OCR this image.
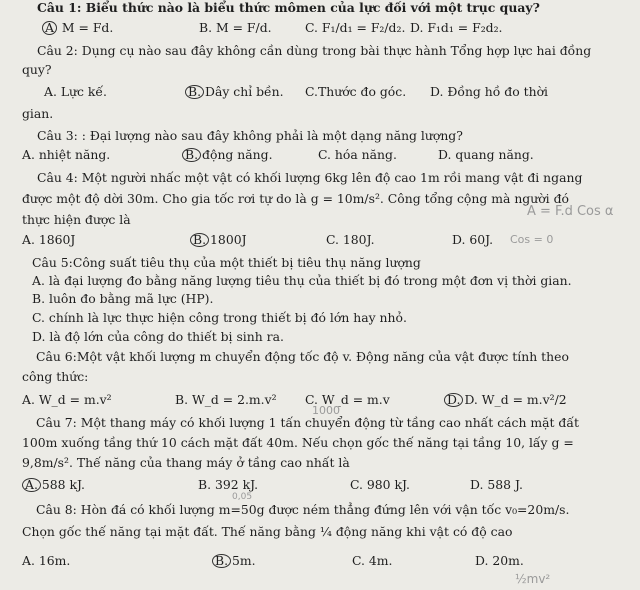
Câu 1: Biểu thức nào là biểu thức mômen của lực đối với một trục quay?
A M = Fd.	B. M = F/d.	C. F₁/d₁ = F₂/d₂. D. F₁d₁ = F₂d₂.
Câu 2: Dụng cụ nào sau đây không cần dùng trong bài thực hành Tổng hợp lực hai đồng
quy?
A. Lực kế.	B. Dây chỉ bền. C.Thước đo góc. D. Đồng hồ đo thời
gian.
Câu 3: : Đại lượng nào sau đây không phải là một dạng năng lượng?
A. nhiệt năng.	B. động năng.	C. hóa năng.	D. quang năng.
Câu 4: Một người nhấc một vật có khối lượng 6kg lên độ cao 1m rồi mang vật đi ngang
được một độ dời 30m. Cho gia tốc rơi tự do là g = 10m/s². Công tổng cộng mà người đó
thực hiện được là
A = F.d Cos α
A. 1860J	B. 1800J	C. 180J.	D. 60J. Cos = 0
Câu 5:Công suất tiêu thụ của một thiết bị tiêu thụ năng lượng
A. là đại lượng đo bằng năng lượng tiêu thụ của thiết bị đó trong một đơn vị thời gian.
B. luôn đo bằng mã lực (HP).
C. chính là lực thực hiện công trong thiết bị đó lớn hay nhỏ.
D. là độ lớn của công do thiết bị sinh ra.
Câu 6:Một vật khối lượng m chuyển động tốc độ v. Động năng của vật được tính theo
công thức:
A. W_d = m.v²	B. W_d = 2.m.v² C. W_d = m.v	D. D. W_d = m.v²/2
1000
Câu 7: Một thang máy có khối lượng 1 tấn chuyển động từ tầng cao nhất cách mặt đất
100m xuống tầng thứ 10 cách mặt đất 40m. Nếu chọn gốc thế năng tại tầng 10, lấy g =
9,8m/s². Thế năng của thang máy ở tầng cao nhất là
A. 588 kJ.	B. 392 kJ.	C. 980 kJ.	D. 588 J.
0,05
Câu 8: Hòn đá có khối lượng m=50g được ném thẳng đứng lên với vận tốc v₀=20m/s.
Chọn gốc thế năng tại mặt đất. Thế năng bằng ¼ động năng khi vật có độ cao
A. 16m.	B. 5m.	C. 4m.	D. 20m.
½mv²
